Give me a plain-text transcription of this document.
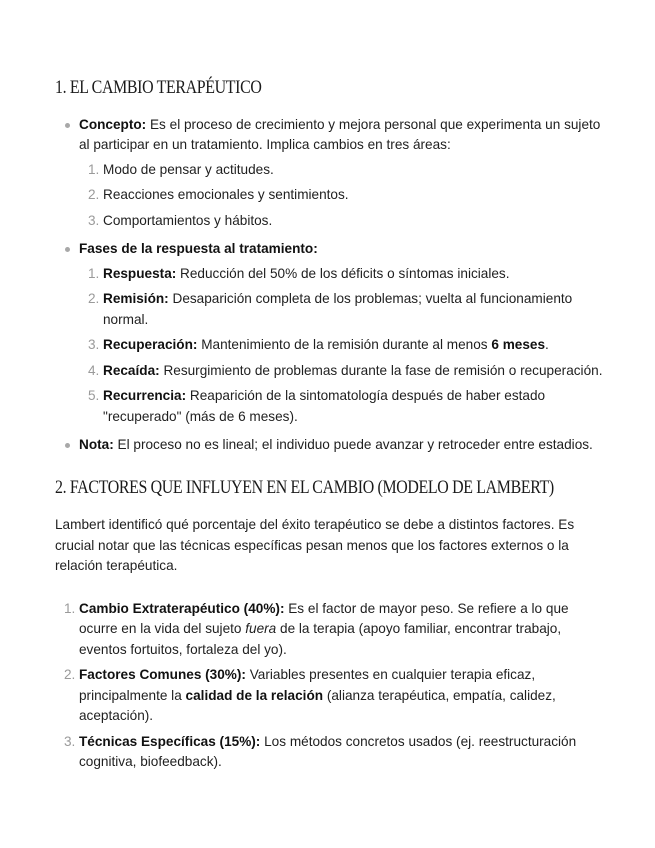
1. EL CAMBIO TERAPÉUTICO
Concepto: Es el proceso de crecimiento y mejora personal que experimenta un sujeto al participar en un tratamiento. Implica cambios en tres áreas:
1. Modo de pensar y actitudes.
2. Reacciones emocionales y sentimientos.
3. Comportamientos y hábitos.
Fases de la respuesta al tratamiento:
1. Respuesta: Reducción del 50% de los déficits o síntomas iniciales.
2. Remisión: Desaparición completa de los problemas; vuelta al funcionamiento normal.
3. Recuperación: Mantenimiento de la remisión durante al menos 6 meses.
4. Recaída: Resurgimiento de problemas durante la fase de remisión o recuperación.
5. Recurrencia: Reaparición de la sintomatología después de haber estado "recuperado" (más de 6 meses).
Nota: El proceso no es lineal; el individuo puede avanzar y retroceder entre estadios.
2. FACTORES QUE INFLUYEN EN EL CAMBIO (MODELO DE LAMBERT)

Lambert identificó qué porcentaje del éxito terapéutico se debe a distintos factores. Es crucial notar que las técnicas específicas pesan menos que los factores externos o la relación terapéutica.

1. Cambio Extraterapéutico (40%): Es el factor de mayor peso. Se refiere a lo que ocurre en la vida del sujeto fuera de la terapia (apoyo familiar, encontrar trabajo, eventos fortuitos, fortaleza del yo).
2. Factores Comunes (30%): Variables presentes en cualquier terapia eficaz, principalmente la calidad de la relación (alianza terapéutica, empatía, calidez, aceptación).
3. Técnicas Específicas (15%): Los métodos concretos usados (ej. reestructuración cognitiva, biofeedback).
